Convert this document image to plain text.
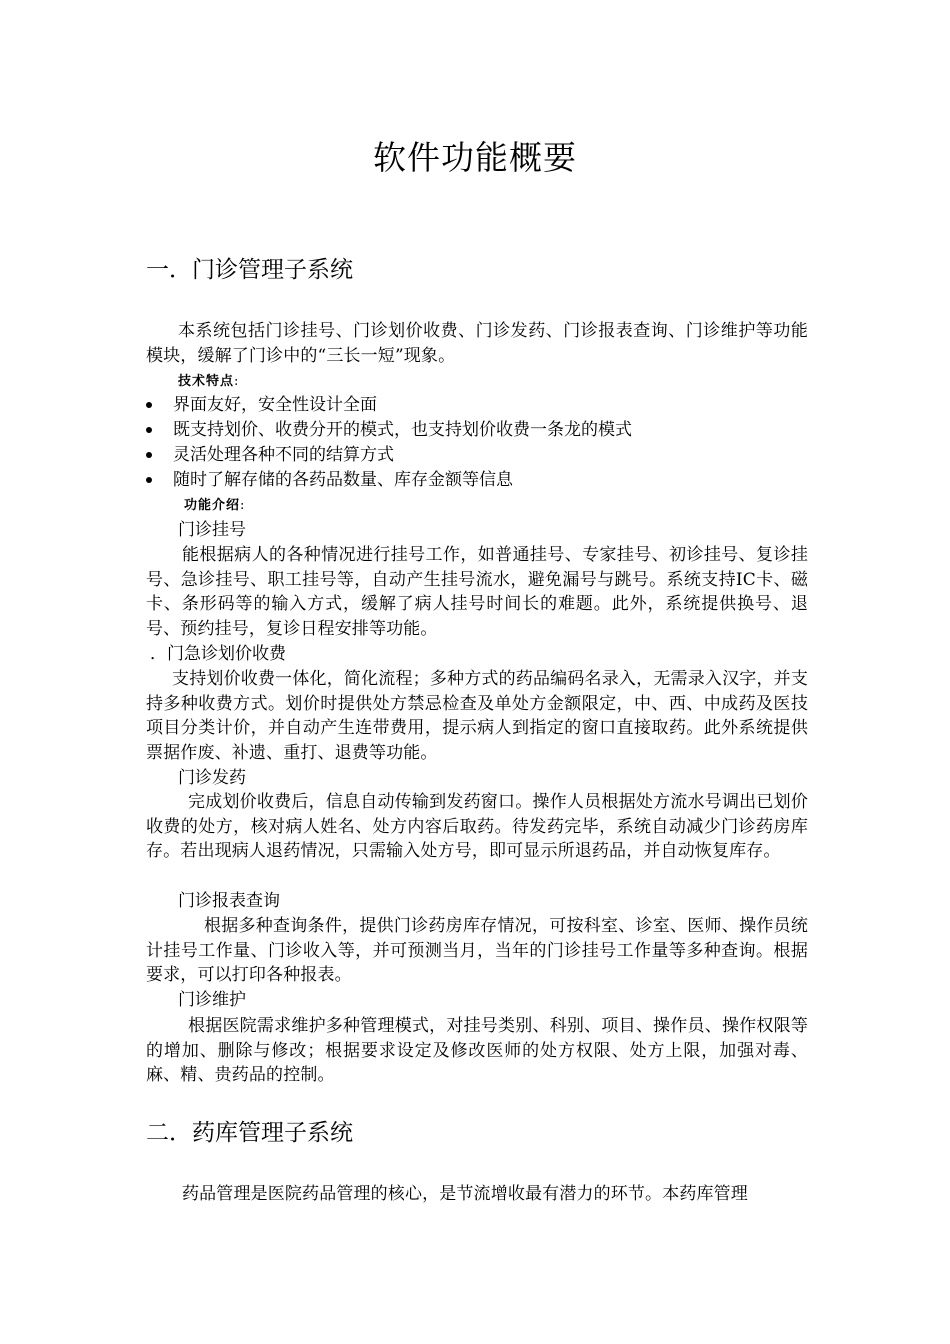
软件功能概要
一．门诊管理子系统
本系统包括门诊挂号、门诊划价收费、门诊发药、门诊报表查询、门诊维护等功能模块，缓解了门诊中的“三长一短”现象。
技术特点:
界面友好，安全性设计全面
既支持划价、收费分开的模式，也支持划价收费一条龙的模式
灵活处理各种不同的结算方式
随时了解存储的各药品数量、库存金额等信息
功能介绍:
门诊挂号
能根据病人的各种情况进行挂号工作，如普通挂号、专家挂号、初诊挂号、复诊挂号、急诊挂号、职工挂号等，自动产生挂号流水，避免漏号与跳号。系统支持IC卡、磁卡、条形码等的输入方式，缓解了病人挂号时间长的难题。此外，系统提供换号、退号、预约挂号，复诊日程安排等功能。
．门急诊划价收费
支持划价收费一体化，简化流程；多种方式的药品编码名录入，无需录入汉字，并支持多种收费方式。划价时提供处方禁忌检查及单处方金额限定，中、西、中成药及医技项目分类计价，并自动产生连带费用，提示病人到指定的窗口直接取药。此外系统提供票据作废、补遗、重打、退费等功能。
门诊发药
完成划价收费后，信息自动传输到发药窗口。操作人员根据处方流水号调出已划价收费的处方，核对病人姓名、处方内容后取药。待发药完毕，系统自动减少门诊药房库存。若出现病人退药情况，只需输入处方号，即可显示所退药品，并自动恢复库存。
门诊报表查询
根据多种查询条件，提供门诊药房库存情况，可按科室、诊室、医师、操作员统计挂号工作量、门诊收入等，并可预测当月，当年的门诊挂号工作量等多种查询。根据要求，可以打印各种报表。
门诊维护
根据医院需求维护多种管理模式，对挂号类别、科别、项目、操作员、操作权限等的增加、删除与修改；根据要求设定及修改医师的处方权限、处方上限，加强对毒、麻、精、贵药品的控制。
二．药库管理子系统
药品管理是医院药品管理的核心，是节流增收最有潜力的环节。本药库管理
